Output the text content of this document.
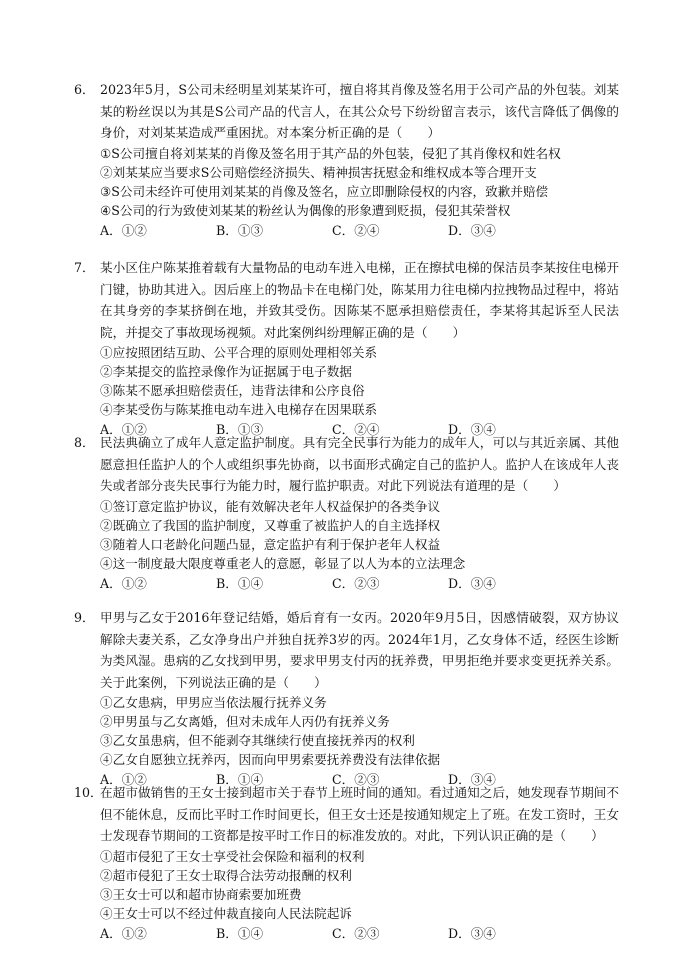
6． 2023年5月，S公司未经明星刘某某许可，擅自将其肖像及签名用于公司产品的外包装。刘某某的粉丝误以为其是S公司产品的代言人，在其公众号下纷纷留言表示，该代言降低了偶像的身价，对刘某某造成严重困扰。对本案分析正确的是（　　）
①S公司擅自将刘某某的肖像及签名用于其产品的外包装，侵犯了其肖像权和姓名权
②刘某某应当要求S公司赔偿经济损失、精神损害抚慰金和维权成本等合理开支
③S公司未经许可使用刘某某的肖像及签名，应立即删除侵权的内容，致歉并赔偿
④S公司的行为致使刘某某的粉丝认为偶像的形象遭到贬损，侵犯其荣誉权
A．①②	B．①③	C．②④	D．③④
7． 某小区住户陈某推着载有大量物品的电动车进入电梯，正在擦拭电梯的保洁员李某按住电梯开门键，协助其进入。因后座上的物品卡在电梯门处，陈某用力往电梯内拉拽物品过程中，将站在其身旁的李某挤倒在地，并致其受伤。因陈某不愿承担赔偿责任，李某将其起诉至人民法院，并提交了事故现场视频。对此案例纠纷理解正确的是（　　）
①应按照团结互助、公平合理的原则处理相邻关系
②李某提交的监控录像作为证据属于电子数据
③陈某不愿承担赔偿责任，违背法律和公序良俗
④李某受伤与陈某推电动车进入电梯存在因果联系
A．①②	B．①③	C．②④	D．③④
8． 民法典确立了成年人意定监护制度。具有完全民事行为能力的成年人，可以与其近亲属、其他愿意担任监护人的个人或组织事先协商，以书面形式确定自己的监护人。监护人在该成年人丧失或者部分丧失民事行为能力时，履行监护职责。对此下列说法有道理的是（　　）
①签订意定监护协议，能有效解决老年人权益保护的各类争议
②既确立了我国的监护制度，又尊重了被监护人的自主选择权
③随着人口老龄化问题凸显，意定监护有利于保护老年人权益
④这一制度最大限度尊重老人的意愿，彰显了以人为本的立法理念
A．①②	B．①④	C．②③	D．③④
9． 甲男与乙女于2016年登记结婚，婚后育有一女丙。2020年9月5日，因感情破裂，双方协议解除夫妻关系，乙女净身出户并独自抚养3岁的丙。2024年1月，乙女身体不适，经医生诊断为类风湿。患病的乙女找到甲男，要求甲男支付丙的抚养费，甲男拒绝并要求变更抚养关系。关于此案例，下列说法正确的是（　　）
①乙女患病，甲男应当依法履行抚养义务
②甲男虽与乙女离婚，但对未成年人丙仍有抚养义务
③乙女虽患病，但不能剥夺其继续行使直接抚养丙的权利
④乙女自愿独立抚养丙，因而向甲男索要抚养费没有法律依据
A．①②	B．①④	C．②③	D．③④
10．
在超市做销售的王女士接到超市关于春节上班时间的通知。看过通知之后，她发现春节期间不但不能休息，反而比平时工作时间更长，但王女士还是按通知规定上了班。在发工资时，王女士发现春节期间的工资都是按平时工作日的标准发放的。对此，下列认识正确的是（　　）
①超市侵犯了王女士享受社会保险和福利的权利
②超市侵犯了王女士取得合法劳动报酬的权利
③王女士可以和超市协商索要加班费
④王女士可以不经过仲裁直接向人民法院起诉
A．①②	B．①④	C．②③	D．③④
